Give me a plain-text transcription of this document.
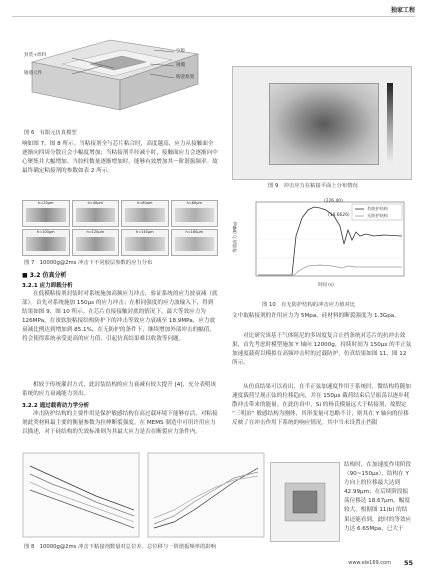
独家工程
封装+焊料
敏感元件
空腔
薄膜
陶瓷框架
图 6　有限元仿真模型
响如图 7、图 8 所示。当粘接剂全与芯片粘合时，高度越高，应力从接触面全逐渐向四周分散且会小幅度增加；当粘接剂半径减小时，接触面应力会逐渐向中心聚集并大幅增加。当胶柱数量逐渐增加时，能够有效增加其一阶谐振频率。故最终确定粘接剂的参数如表 2 所示。
h=20μm	h=40μm	h=60μm	h=80μm
h=100μm	h=120μm	h=140μm	h=160μm
图 7　10000g@2ms 冲击下不同胶层参数的应力分布
■ 3.2 仿真分析
3.2.1 应力卸载分析
在低模粘接剂封装时对系统施加高频应力冲击，验证系统的应力波衰减（底部）。首先对系统施加 150μs 的应力冲击；在相同强度的应力波输入下，得到结果如图 9、图 10 所示。在芯片直接接触封底的情况下，最大等效应力为 126MPa，在该软胶粘接结构防护下的冲击等效应力衰减至 18.9MPa，应力波衰减比例达到增加到 85.1%，在无防护的条件下，继续增加外部冲击的幅值，将会使得系统承受更高的应力值，引起仿真结果难以收敛等问题。
相较于传统灌封方式，此封装结构的应力衰减有较大提升 [4]，充分表明该系统的应力衰减能力突出。
3.2.2 通过载荷动力学分析
冲击防护结构的主要作用是保护敏感结构在高过载环境下能够存活，对粘接剂此类材料最主要的衡量参数为拉伸断裂强度。在 MEMS 制造中可用许用应力以描述，对于硅结构的失效标准则为其最大应力是否在断裂应力条件内。
图 8　10000g@2ms 冲击下粘接剂数量对总位差、总位移与一阶谐振频率的影响
图 9　冲击应力在粘接平面上分布情况
有防护结构
无防护结构
(226.40)
(18.6626)
时间 (s)
等效应力 (MPa)
图 10　有无防护结构的冲击应力值对比
文中取粘接剂的许用应力为 5Mpa，硅材料的断裂强度为 1.3Gpa。
对比研究该基于气体阻尼的多周度复合止挡条统对芯片的抗冲击效果，首先考虑时模型施加 Y 轴向 12000g，持续时间为 150μs 的半正弦加速度载荷以模拟在高频冲击时的过载防护，仿真结果如图 11、图 12 所示。
从仿真结果可以看出，在半正弦加速度作用于系统时，微结构将随加速度载荷呈现正弦的位移趋向，并在 150μs 截荷结束后呈振荡以逐步耗散冲击带来的能量。在此仿真中，Si 的杨氏模量远大于粘接剂，故假定 “三明治” 敏感结构为刚体，其形变量可忽略不计，则其在 Y 轴向的位移反映了在冲击作用下系统的响应情况。其中当未设置止挡限
结构时，在加速度作用阶段（90~150μs），结构在 Y 方向上的位移最大达到 42.99μm；在后续阶段振荡位移达 18.67μm，幅度较大。根据图 11(b) 的结果还能看到，此时的等效应力达 6.65Mpa，已大于
www.ele169.com 55
